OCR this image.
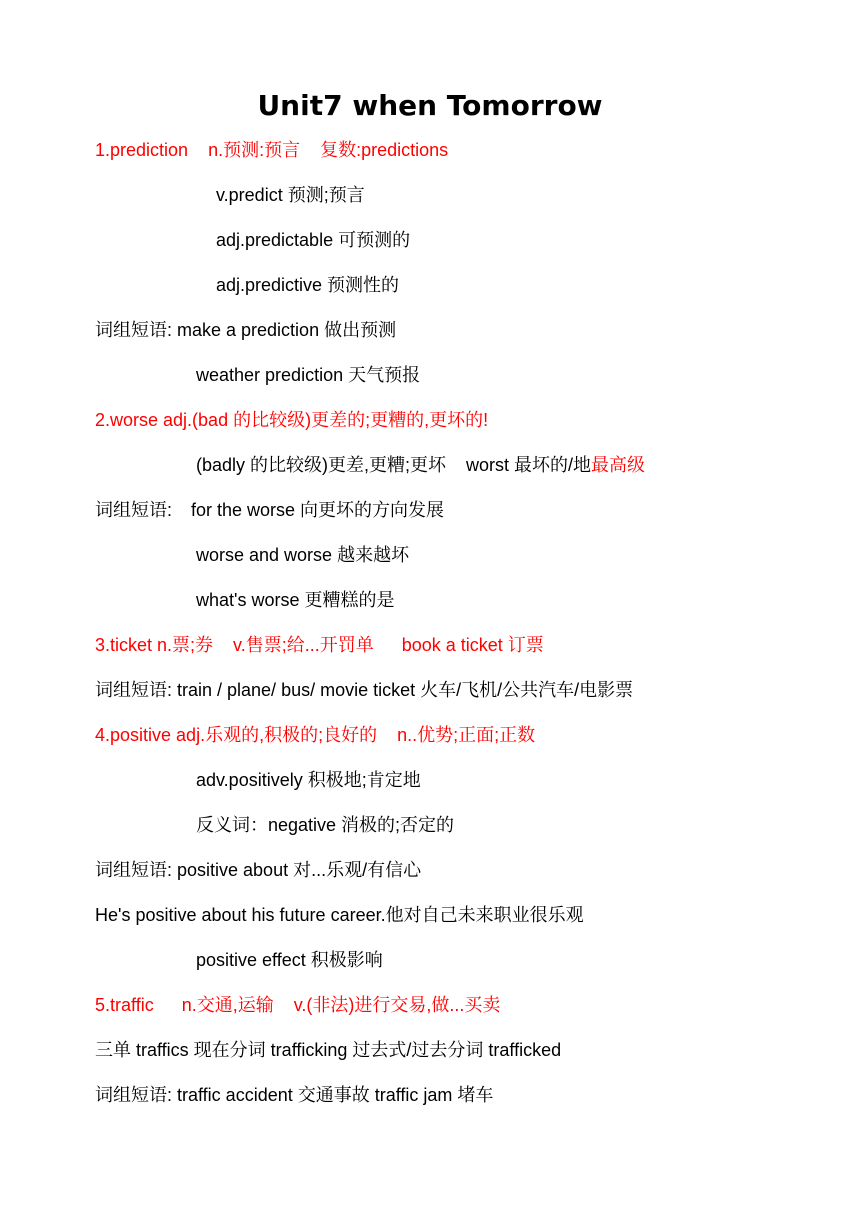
Unit7 when Tomorrow
1.prediction n.预测:预言 复数:predictions
v.predict 预测;预言
adj.predictable 可预测的
adj.predictive 预测性的
词组短语: make a prediction 做出预测
weather prediction 天气预报
2.worse adj.(bad 的比较级)更差的;更糟的,更坏的!
(badly 的比较级)更差,更糟;更坏 worst 最坏的/地最高级
词组短语: for the worse 向更坏的方向发展
worse and worse 越来越坏
what's worse 更糟糕的是
3.ticket n.票;券 v.售票;给...开罚单 book a ticket 订票
词组短语: train / plane/ bus/ movie ticket 火车/飞机/公共汽车/电影票
4.positive adj.乐观的,积极的;良好的 n..优势;正面;正数
adv.positively 积极地;肯定地
反义词：negative 消极的;否定的
词组短语: positive about 对...乐观/有信心
He's positive about his future career.他对自己未来职业很乐观
positive effect 积极影响
5.traffic n.交通,运输 v.(非法)进行交易,做...买卖
三单 traffics 现在分词 trafficking 过去式/过去分词 trafficked
词组短语: traffic accident 交通事故 traffic jam 堵车
